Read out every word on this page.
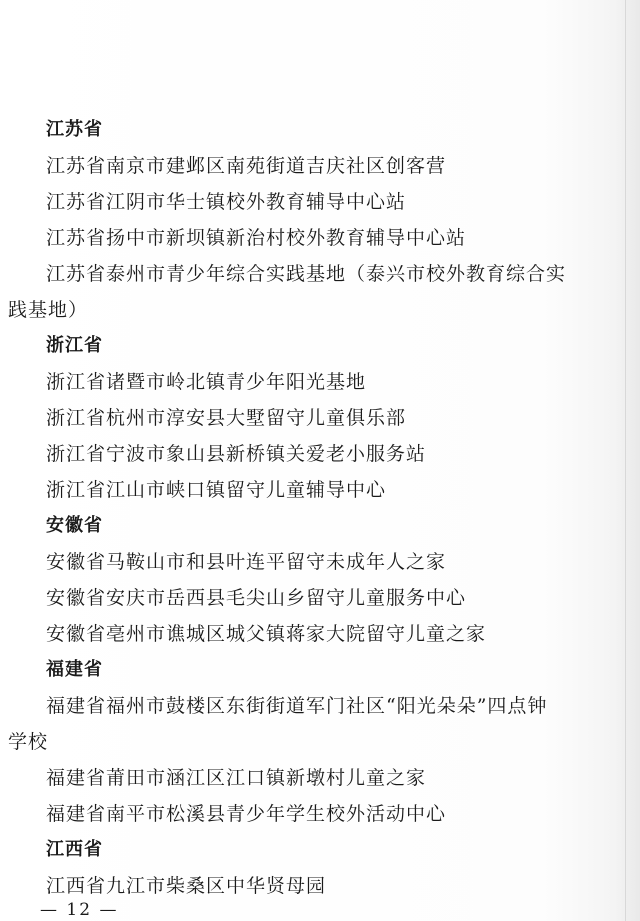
江苏省
江苏省南京市建邺区南苑街道吉庆社区创客营
江苏省江阴市华士镇校外教育辅导中心站
江苏省扬中市新坝镇新治村校外教育辅导中心站
江苏省泰州市青少年综合实践基地（泰兴市校外教育综合实
践基地）
浙江省
浙江省诸暨市岭北镇青少年阳光基地
浙江省杭州市淳安县大墅留守儿童俱乐部
浙江省宁波市象山县新桥镇关爱老小服务站
浙江省江山市峡口镇留守儿童辅导中心
安徽省
安徽省马鞍山市和县叶连平留守未成年人之家
安徽省安庆市岳西县毛尖山乡留守儿童服务中心
安徽省亳州市谯城区城父镇蒋家大院留守儿童之家
福建省
福建省福州市鼓楼区东街街道军门社区“阳光朵朵”四点钟
学校
福建省莆田市涵江区江口镇新墩村儿童之家
福建省南平市松溪县青少年学生校外活动中心
江西省
江西省九江市柴桑区中华贤母园
— 12 —
